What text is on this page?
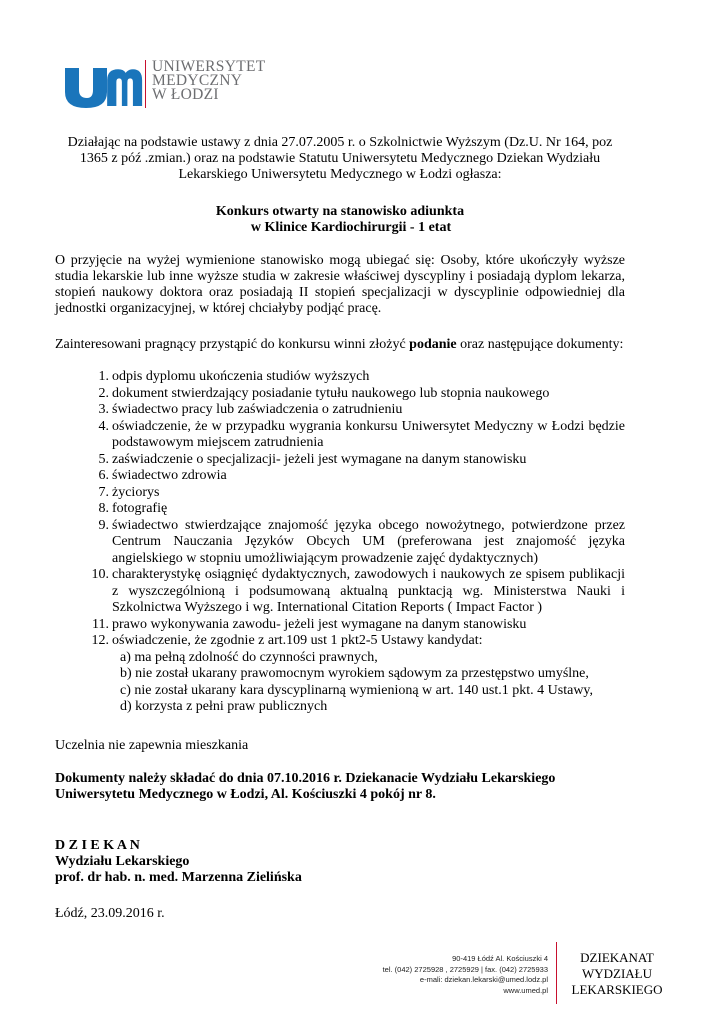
UNIWERSYTET
MEDYCZNY
W ŁODZI
Działając na podstawie ustawy z dnia 27.07.2005 r. o Szkolnictwie Wyższym (Dz.U. Nr 164, poz 1365 z póź .zmian.) oraz na podstawie Statutu Uniwersytetu Medycznego Dziekan Wydziału Lekarskiego Uniwersytetu Medycznego w Łodzi ogłasza:
Konkurs otwarty na stanowisko adiunkta
w Klinice Kardiochirurgii - 1 etat
O przyjęcie na wyżej wymienione stanowisko mogą ubiegać się: Osoby, które ukończyły wyższe studia lekarskie lub inne wyższe studia w zakresie właściwej dyscypliny i posiadają dyplom lekarza, stopień naukowy doktora oraz posiadają II stopień specjalizacji w dyscyplinie odpowiedniej dla jednostki organizacyjnej, w której chciałyby podjąć pracę.
Zainteresowani pragnący przystąpić do konkursu winni złożyć podanie oraz następujące dokumenty:
1. odpis dyplomu ukończenia studiów wyższych
2. dokument stwierdzający posiadanie tytułu naukowego lub stopnia naukowego
3. świadectwo pracy lub zaświadczenia o zatrudnieniu
4. oświadczenie, że w przypadku wygrania konkursu Uniwersytet Medyczny w Łodzi będzie podstawowym miejscem zatrudnienia
5. zaświadczenie o specjalizacji- jeżeli jest wymagane na danym stanowisku
6. świadectwo zdrowia
7. życiorys
8. fotografię
9. świadectwo stwierdzające znajomość języka obcego nowożytnego, potwierdzone przez Centrum Nauczania Języków Obcych UM (preferowana jest znajomość języka angielskiego w stopniu umożliwiającym prowadzenie zajęć dydaktycznych)
10. charakterystykę osiągnięć dydaktycznych, zawodowych i naukowych ze spisem publikacji z wyszczególnioną i podsumowaną aktualną punktacją wg. Ministerstwa Nauki i Szkolnictwa Wyższego i wg. International Citation Reports ( Impact Factor )
11. prawo wykonywania zawodu- jeżeli jest wymagane na danym stanowisku
12. oświadczenie, że zgodnie z art.109 ust 1 pkt2-5 Ustawy kandydat:
a) ma pełną zdolność do czynności prawnych,
b) nie został ukarany prawomocnym wyrokiem sądowym za przestępstwo umyślne,
c) nie został ukarany kara dyscyplinarną wymienioną w art. 140 ust.1 pkt. 4 Ustawy,
d) korzysta z pełni praw publicznych
Uczelnia nie zapewnia mieszkania
Dokumenty należy składać do dnia 07.10.2016 r. Dziekanacie Wydziału Lekarskiego
Uniwersytetu Medycznego w Łodzi, Al. Kościuszki 4 pokój nr 8.
D Z I E K A N
Wydziału Lekarskiego
prof. dr hab. n. med. Marzenna Zielińska
Łódź, 23.09.2016 r.
90-419 Łódź Al. Kościuszki 4
tel. (042) 2725928 , 2725929 | fax. (042) 2725933
e-mali: dziekan.lekarski@umed.lodz.pl
www.umed.pl
DZIEKANAT
WYDZIAŁU
LEKARSKIEGO
